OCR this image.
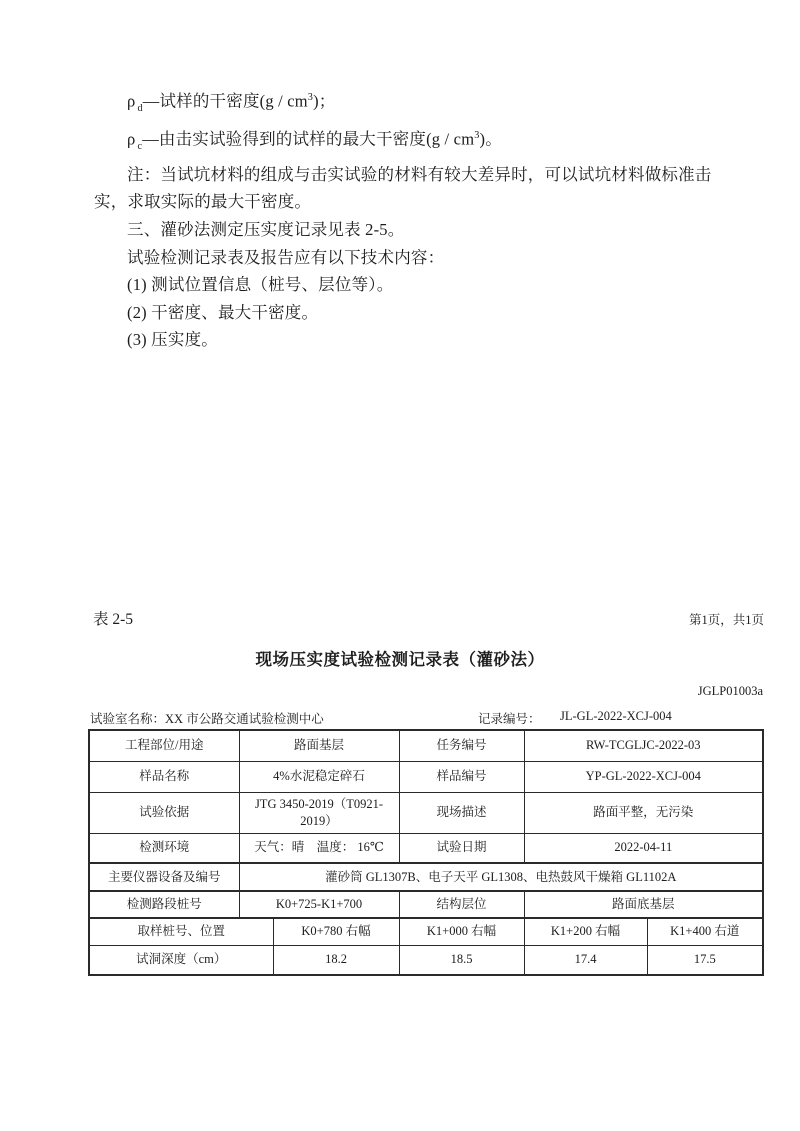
ρ $_d$—试样的干密度$(g / cm^3)$；
ρ $_c$—由击实试验得到的试样的最大干密度$(g / cm^3)$。
注：当试坑材料的组成与击实试验的材料有较大差异时，可以试坑材料做标准击
实，求取实际的最大干密度。
三、灌砂法测定压实度记录见表 2-5。
试验检测记录表及报告应有以下技术内容：
(1) 测试位置信息（桩号、层位等）。
(2) 干密度、最大干密度。
(3) 压实度。
表 2-5	第1页，共1页
现场压实度试验检测记录表（灌砂法）
JGLP01003a
试验室名称：XX 市公路交通试验检测中心	记录编号： JL-GL-2022-XCJ-004
工程部位/用途	路面基层		任务编号	RW-TCGLJC-2022-03	
样品名称	4%水泥稳定碎石		样品编号	YP-GL-2022-XCJ-004	
试验依据	JTG 3450-2019（T0921-2019）		现场描述	路面平整，无污染	
检测环境	天气：晴　温度： 16℃		试验日期	2022-04-11	
主要仪器设备及编号	灌砂筒 GL1307B、电子天平 GL1308、电热鼓风干燥箱 GL1102A				
检测路段桩号	K0+725-K1+700		结构层位	路面底基层	
取样桩号、位置		K0+780 右幅	K1+000 右幅	K1+200 右幅	K1+400 右道
试洞深度（cm）		18.2	18.5	17.4	17.5
